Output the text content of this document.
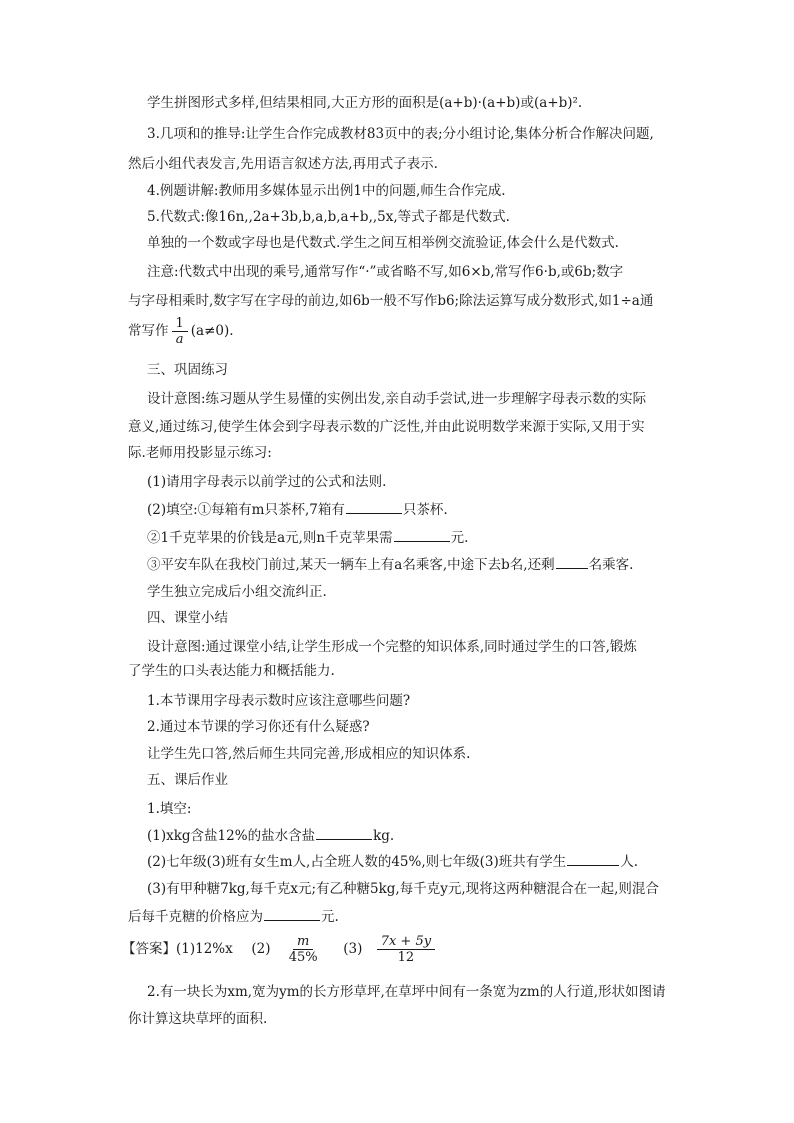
学生拼图形式多样,但结果相同,大正方形的面积是(a+b)·(a+b)或(a+b)².
3.几项和的推导:让学生合作完成教材83页中的表;分小组讨论,集体分析合作解决问题,
然后小组代表发言,先用语言叙述方法,再用式子表示.
4.例题讲解:教师用多媒体显示出例1中的问题,师生合作完成.
5.代数式:像16n,,2a+3b,b,a,b,a+b,,5x,等式子都是代数式.
单独的一个数或字母也是代数式.学生之间互相举例交流验证,体会什么是代数式.
注意:代数式中出现的乘号,通常写作“·”或省略不写,如6×b,常写作6·b,或6b;数字
与字母相乘时,数字写在字母的前边,如6b一般不写作b6;除法运算写成分数形式,如1÷a通
常写作 $\frac{1}{a} (a\ne 0)$.
三、巩固练习
设计意图:练习题从学生易懂的实例出发,亲自动手尝试,进一步理解字母表示数的实际
意义,通过练习,使学生体会到字母表示数的广泛性,并由此说明数学来源于实际,又用于实
际.老师用投影显示练习:
(1)请用字母表示以前学过的公式和法则.
(2)填空:①每箱有m只茶杯,7箱有	只茶杯.
②1千克苹果的价钱是a元,则n千克苹果需	元.
③平安车队在我校门前过,某天一辆车上有a名乘客,中途下去b名,还剩	名乘客.
学生独立完成后小组交流纠正.
四、课堂小结
设计意图:通过课堂小结,让学生形成一个完整的知识体系,同时通过学生的口答,锻炼
了学生的口头表达能力和概括能力.
1.本节课用字母表示数时应该注意哪些问题?
2.通过本节课的学习你还有什么疑惑?
让学生先口答,然后师生共同完善,形成相应的知识体系.
五、课后作业
1.填空:
(1)xkg含盐12%的盐水含盐	kg.
(2)七年级(3)班有女生m人,占全班人数的45%,则七年级(3)班共有学生	人.
(3)有甲种糖7kg,每千克x元;有乙种糖5kg,每千克y元,现将这两种糖混合在一起,则混合
后每千克糖的价格应为	元.
【答案】(1)12%x $(2) \frac{m}{45\%} (3) \frac{7x + 5y}{12}$
2.有一块长为xm,宽为ym的长方形草坪,在草坪中间有一条宽为zm的人行道,形状如图请
你计算这块草坪的面积.
